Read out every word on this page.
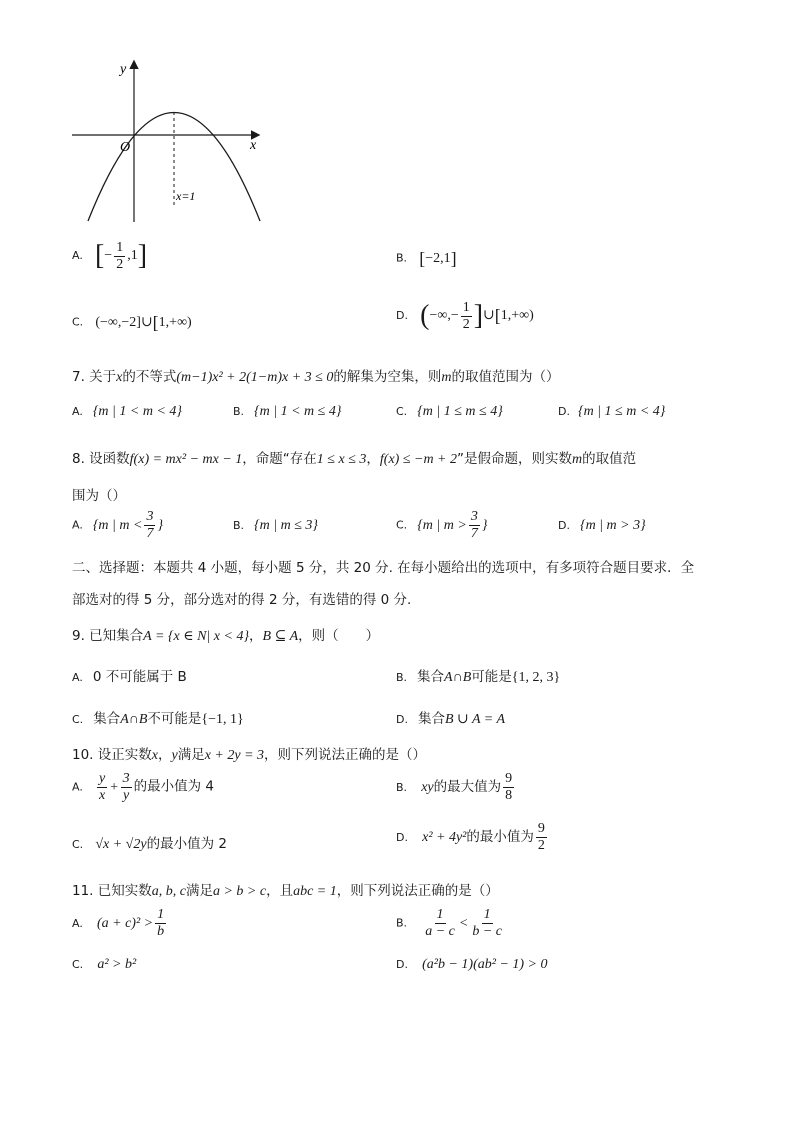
y
x
O
x=1
A. [− $\frac{1}{2} ,1$]	B. [−2,1]
C. (−∞,−2]∪[1,+∞)	D. (−∞,− $\frac{1}{2}$ ]∪[1,+∞)
7. 关于x的不等式(m−1)x² + 2(1−m)x + 3 ≤ 0的解集为空集，则m的取值范围为（）
A. {m | 1 < m < 4}	B. {m | 1 < m ≤ 4}	C. {m | 1 ≤ m ≤ 4}	D. {m | 1 ≤ m < 4}
8. 设函数f(x) = mx² − mx − 1，命题“存在1 ≤ x ≤ 3，f(x) ≤ −m + 2”是假命题，则实数m的取值范
围为（）
A. {m | $m < \frac{3}{7}$ }	B. {m | m ≤ 3}	C. {m | $m > \frac{3}{7}$ }	D. {m | m > 3}
二、选择题：本题共 4 小题，每小题 5 分，共 20 分. 在每小题给出的选项中，有多项符合题目要求．全
部选对的得 5 分，部分选对的得 2 分，有选错的得 0 分.
9. 已知集合A = {x ∈ N| x < 4}，B ⊆ A，则（　　）
A. 0 不可能属于 B	B. 集合A∩B可能是{1, 2, 3}
C. 集合A∩B不可能是{−1, 1}	D. 集合B ∪ A = A
10. 设正实数x，y满足x + 2y = 3，则下列说法正确的是（）
A. $\frac{y}{x} + \frac{3}{y}$ 的最小值为 4	B. xy的最大值为 $\frac{9}{8}$
C. √x + √2y的最小值为 2	D. x² + 4y²的最小值为 $\frac{9}{2}$
11. 已知实数a, b, c满足a > b > c，且abc = 1，则下列说法正确的是（）
A. $(a + c)^2 > \frac{1}{b}$	B. $\frac{1}{a - c} < \frac{1}{b - c}$
C. a² > b²	D. (a²b − 1)(ab² − 1) > 0
